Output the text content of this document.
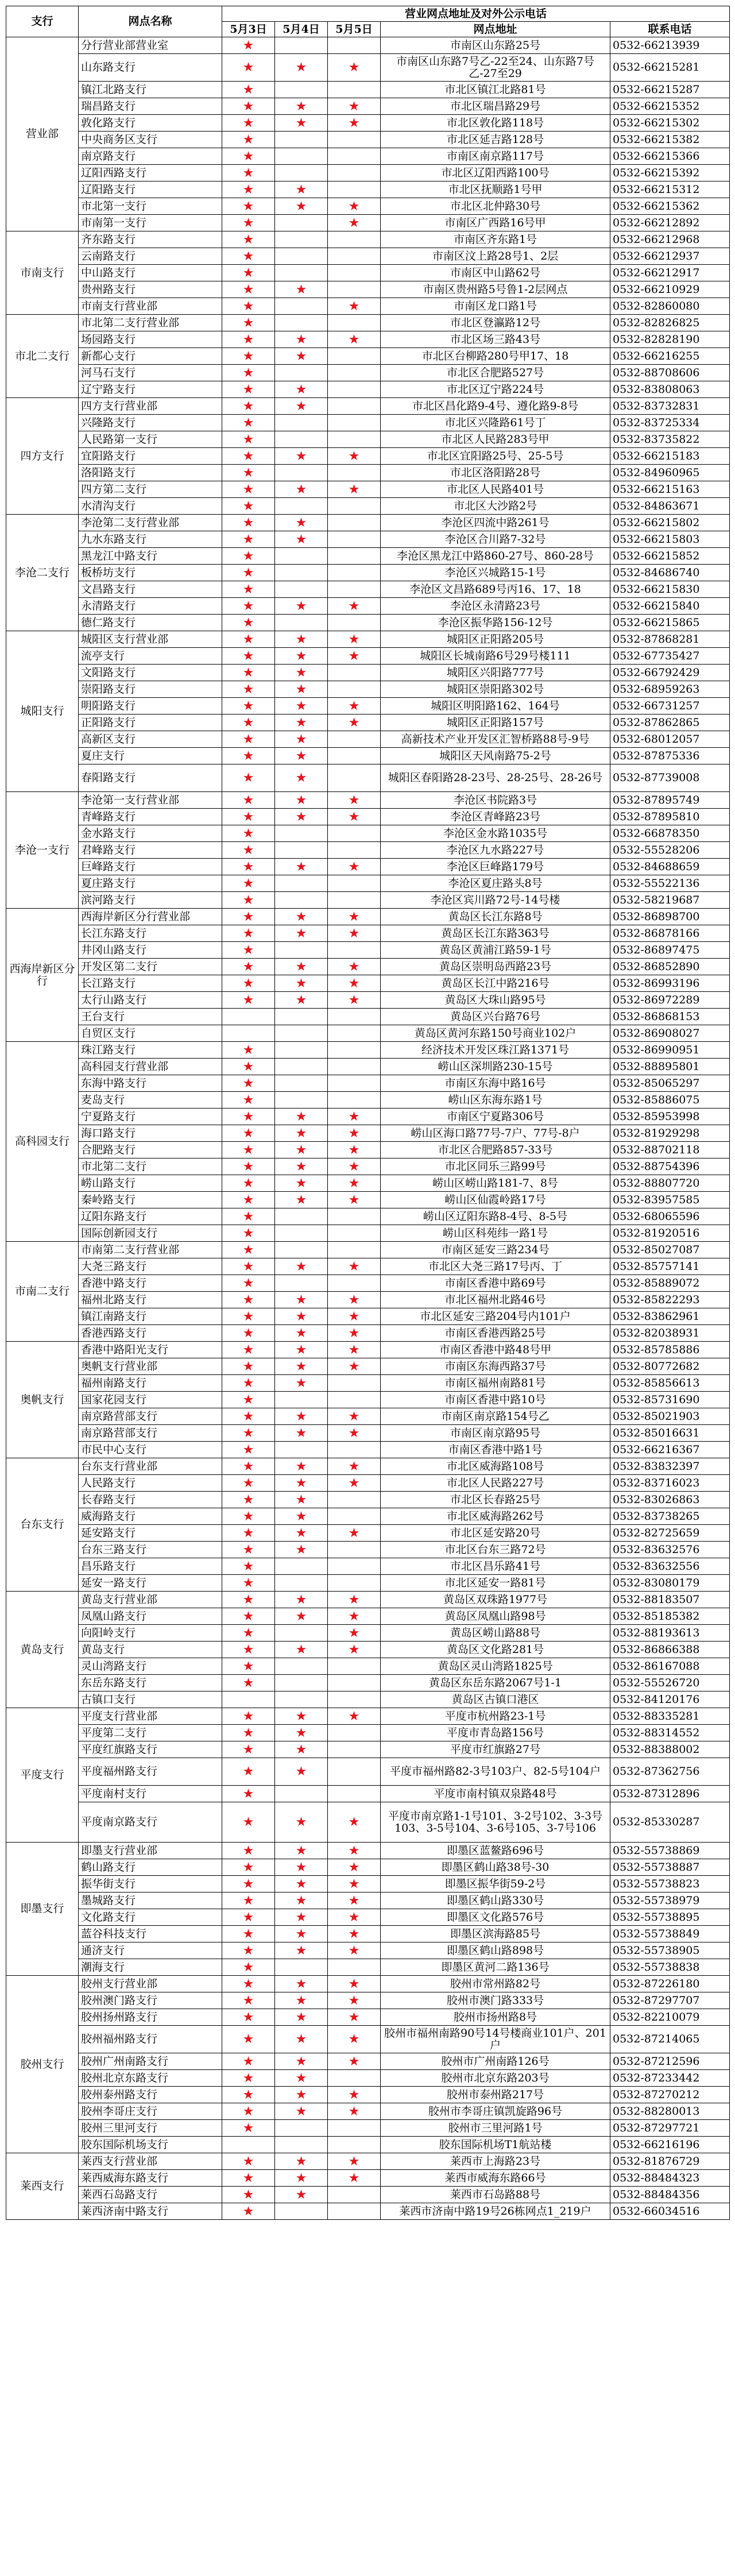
支行	网点名称	营业网点地址及对外公示电话				
		5月3日	5月4日	5月5日	网点地址	联系电话
营业部	分行营业部营业室	★			市南区山东路25号	0532-66213939
	山东路支行	★	★	★	市南区山东路7号乙-22至24、山东路7号乙-27至29	0532-66215281
	镇江北路支行	★			市北区镇江北路81号	0532-66215287
	瑞昌路支行	★	★	★	市北区瑞昌路29号	0532-66215352
	敦化路支行	★	★	★	市北区敦化路118号	0532-66215302
	中央商务区支行	★			市北区延吉路128号	0532-66215382
	南京路支行	★			市南区南京路117号	0532-66215366
	辽阳西路支行	★			市北区辽阳西路100号	0532-66215392
	辽阳路支行	★	★		市北区抚顺路1号甲	0532-66215312
	市北第一支行	★	★	★	市北区北仲路30号	0532-66215362
	市南第一支行	★		★	市南区广西路16号甲	0532-66212892
市南支行	齐东路支行	★			市南区齐东路1号	0532-66212968
	云南路支行	★			市南区汶上路28号1、2层	0532-66212937
	中山路支行	★			市南区中山路62号	0532-66212917
	贵州路支行	★	★		市南区贵州路5号鲁1-2层网点	0532-66210929
	市南支行营业部	★		★	市南区龙口路1号	0532-82860080
市北二支行	市北第二支行营业部	★			市北区登瀛路12号	0532-82826825
	场园路支行	★	★	★	市北区场三路43号	0532-82828190
	新都心支行	★	★		市北区台柳路280号甲17、18	0532-66216255
	河马石支行	★			市北区合肥路527号	0532-88708606
	辽宁路支行	★	★		市北区辽宁路224号	0532-83808063
四方支行	四方支行营业部	★	★		市北区昌化路9-4号、遵化路9-8号	0532-83732831
	兴隆路支行	★			市北区兴隆路61号丁	0532-83725334
	人民路第一支行	★			市北区人民路283号甲	0532-83735822
	宜阳路支行	★	★	★	市北区宜阳路25号、25-5号	0532-66215183
	洛阳路支行	★			市北区洛阳路28号	0532-84960965
	四方第二支行	★	★	★	市北区人民路401号	0532-66215163
	水清沟支行	★			市北区大沙路2号	0532-84863671
李沧二支行	李沧第二支行营业部	★	★		李沧区四流中路261号	0532-66215802
	九水东路支行	★	★		李沧区合川路7-32号	0532-66215803
	黑龙江中路支行	★			李沧区黑龙江中路860-27号、860-28号	0532-66215852
	板桥坊支行	★			李沧区兴城路15-1号	0532-84686740
	文昌路支行	★			李沧区文昌路689号丙16、17、18	0532-66215830
	永清路支行	★	★	★	李沧区永清路23号	0532-66215840
	德仁路支行	★			李沧区振华路156-12号	0532-66215865
城阳支行	城阳区支行营业部	★	★	★	城阳区正阳路205号	0532-87868281
	流亭支行	★	★	★	城阳区长城南路6号29号楼111	0532-67735427
	文阳路支行	★	★		城阳区兴阳路777号	0532-66792429
	崇阳路支行	★	★		城阳区崇阳路302号	0532-68959263
	明阳路支行	★	★	★	城阳区明阳路162、164号	0532-66731257
	正阳路支行	★	★	★	城阳区正阳路157号	0532-87862865
	高新区支行	★	★		高新技术产业开发区汇智桥路88号-9号	0532-68012057
	夏庄支行	★	★		城阳区天风南路75-2号	0532-87875336
	春阳路支行	★	★		城阳区春阳路28-23号、28-25号、28-26号	0532-87739008
李沧一支行	李沧第一支行营业部	★	★	★	李沧区书院路3号	0532-87895749
	青峰路支行	★	★	★	李沧区青峰路23号	0532-87895810
	金水路支行	★			李沧区金水路1035号	0532-66878350
	君峰路支行	★			李沧区九水路227号	0532-55528206
	巨峰路支行	★	★	★	李沧区巨峰路179号	0532-84688659
	夏庄路支行	★			李沧区夏庄路头8号	0532-55522136
	滨河路支行	★			李沧区宾川路72号-14号楼	0532-58219687
西海岸新区分行	西海岸新区分行营业部	★	★	★	黄岛区长江东路8号	0532-86898700
	长江东路支行	★	★	★	黄岛区长江东路363号	0532-86878166
	井冈山路支行	★			黄岛区黄浦江路59-1号	0532-86897475
	开发区第二支行	★	★	★	黄岛区崇明岛西路23号	0532-86852890
	长江路支行	★	★	★	黄岛区长江中路216号	0532-86993196
	太行山路支行	★	★	★	黄岛区大珠山路95号	0532-86972289
	王台支行				黄岛区兴台路76号	0532-86868153
	自贸区支行				黄岛区黄河东路150号商业102户	0532-86908027
高科园支行	珠江路支行	★			经济技术开发区珠江路1371号	0532-86990951
	高科园支行营业部	★			崂山区深圳路230-15号	0532-88895801
	东海中路支行	★			市南区东海中路16号	0532-85065297
	麦岛支行	★			崂山区东海东路1号	0532-85886075
	宁夏路支行	★	★	★	市南区宁夏路306号	0532-85953998
	海口路支行	★	★	★	崂山区海口路77号-7户、77号-8户	0532-81929298
	合肥路支行	★	★	★	市北区合肥路857-33号	0532-88702118
	市北第二支行	★	★	★	市北区同乐三路99号	0532-88754396
	崂山路支行	★	★	★	崂山区崂山路181-7、8号	0532-88807720
	秦岭路支行	★	★	★	崂山区仙霞岭路17号	0532-83957585
	辽阳东路支行	★			崂山区辽阳东路8-4号、8-5号	0532-68065596
	国际创新园支行	★			崂山区科苑纬一路1号	0532-81920516
市南二支行	市南第二支行营业部	★			市南区延安三路234号	0532-85027087
	大尧三路支行	★	★	★	市北区大尧三路17号丙、丁	0532-85757141
	香港中路支行	★			市南区香港中路69号	0532-85889072
	福州北路支行	★	★	★	市北区福州北路46号	0532-85822293
	镇江南路支行	★	★	★	市北区延安三路204号内101户	0532-83862961
	香港西路支行	★	★	★	市南区香港西路25号	0532-82038931
奥帆支行	香港中路阳光支行	★	★	★	市南区香港中路48号甲	0532-85785886
	奥帆支行营业部	★	★	★	市南区东海西路37号	0532-80772682
	福州南路支行	★	★		市南区福州南路81号	0532-85856613
	国家花园支行	★			市南区香港中路10号	0532-85731690
	南京路营部支行	★	★	★	市南区南京路154号乙	0532-85021903
	南京路营部支行	★	★	★	市南区南京路95号	0532-85016631
	市民中心支行	★			市南区香港中路1号	0532-66216367
台东支行	台东支行营业部	★	★	★	市北区威海路108号	0532-83832397
	人民路支行	★	★	★	市北区人民路227号	0532-83716023
	长春路支行	★	★		市北区长春路25号	0532-83026863
	威海路支行	★	★		市北区威海路262号	0532-83738265
	延安路支行	★	★	★	市北区延安路20号	0532-82725659
	台东三路支行	★	★		市北区台东三路72号	0532-83632576
	昌乐路支行	★			市北区昌乐路41号	0532-83632556
	延安一路支行	★			市北区延安一路81号	0532-83080179
黄岛支行	黄岛支行营业部	★	★	★	黄岛区双珠路1977号	0532-88183507
	凤凰山路支行	★	★	★	黄岛区凤凰山路98号	0532-85185382
	向阳岭支行	★		★	黄岛区崂山路88号	0532-88193613
	黄岛支行	★	★	★	黄岛区文化路281号	0532-86866388
	灵山湾路支行	★			黄岛区灵山湾路1825号	0532-86167088
	东岳东路支行	★			黄岛区东岳东路2067号1-1	0532-55526720
	古镇口支行				黄岛区古镇口港区	0532-84120176
平度支行	平度支行营业部	★	★	★	平度市杭州路23-1号	0532-88335281
	平度第二支行	★	★		平度市青岛路156号	0532-88314552
	平度红旗路支行	★	★		平度市红旗路27号	0532-88388002
	平度福州路支行	★	★		平度市福州路82-3号103户、82-5号104户	0532-87362756
	平度南村支行	★			平度市南村镇双泉路48号	0532-87312896
	平度南京路支行	★	★	★	平度市南京路1-1号101、3-2号102、3-3号103、3-5号104、3-6号105、3-7号106	0532-85330287
即墨支行	即墨支行营业部	★	★	★	即墨区蓝鳌路696号	0532-55738869
	鹤山路支行	★	★	★	即墨区鹤山路38号-30	0532-55738887
	振华街支行	★	★	★	即墨区振华街59-2号	0532-55738823
	墨城路支行	★	★	★	即墨区鹤山路330号	0532-55738979
	文化路支行	★	★	★	即墨区文化路576号	0532-55738895
	蓝谷科技支行	★	★	★	即墨区滨海路85号	0532-55738849
	通济支行	★	★	★	即墨区鹤山路898号	0532-55738905
	潮海支行	★			即墨区黄河二路136号	0532-55738838
胶州支行	胶州支行营业部	★	★	★	胶州市常州路82号	0532-87226180
	胶州澳门路支行	★	★	★	胶州市澳门路333号	0532-87297707
	胶州扬州路支行	★	★	★	胶州市扬州路8号	0532-82210079
	胶州福州路支行	★	★	★	胶州市福州南路90号14号楼商业101户、201户	0532-87214065
	胶州广州南路支行	★	★	★	胶州市广州南路126号	0532-87212596
	胶州北京东路支行	★	★		胶州市北京东路203号	0532-87233442
	胶州泰州路支行	★	★	★	胶州市泰州路217号	0532-87270212
	胶州李哥庄支行	★	★	★	胶州市李哥庄镇凯旋路96号	0532-88280013
	胶州三里河支行	★			胶州市三里河路1号	0532-87297721
	胶东国际机场支行				胶东国际机场T1航站楼	0532-66216196
莱西支行	莱西支行营业部	★	★	★	莱西市上海路23号	0532-81876729
	莱西威海东路支行	★	★	★	莱西市威海东路66号	0532-88484323
	莱西石岛路支行	★	★		莱西市石岛路88号	0532-88484356
	莱西济南中路支行	★			莱西市济南中路19号26栋网点1_219户	0532-66034516
